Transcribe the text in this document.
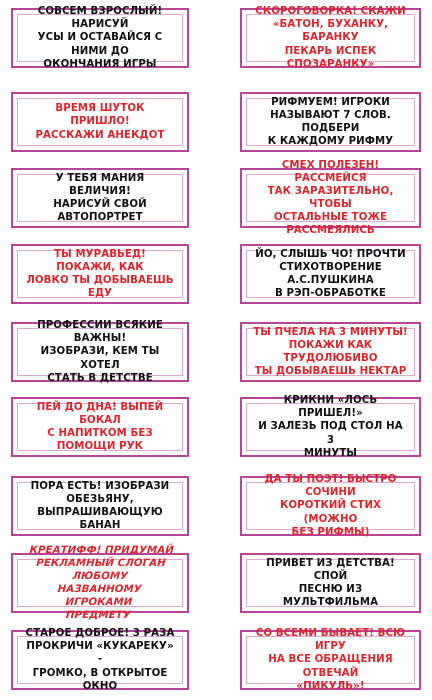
СОВСЕМ ВЗРОСЛЫЙ! НАРИСУЙ
УСЫ И ОСТАВАЙСЯ С НИМИ ДО
ОКОНЧАНИЯ ИГРЫ
СКОРОГОВОРКА! СКАЖИ
«БАТОН, БУХАНКУ, БАРАНКУ
ПЕКАРЬ ИСПЕК СПОЗАРАНКУ»
ВРЕМЯ ШУТОК ПРИШЛО!
РАССКАЖИ АНЕКДОТ
РИФМУЕМ! ИГРОКИ
НАЗЫВАЮТ 7 СЛОВ. ПОДБЕРИ
К КАЖДОМУ РИФМУ
У ТЕБЯ МАНИЯ ВЕЛИЧИЯ!
НАРИСУЙ СВОЙ АВТОПОРТРЕТ
СМЕХ ПОЛЕЗЕН! РАССМЕЙСЯ
ТАК ЗАРАЗИТЕЛЬНО, ЧТОБЫ
ОСТАЛЬНЫЕ ТОЖЕ
РАССМЕЯЛИСЬ
ТЫ МУРАВЬЕД! ПОКАЖИ, КАК
ЛОВКО ТЫ ДОБЫВАЕШЬ ЕДУ
ЙО, СЛЫШЬ ЧО! ПРОЧТИ
СТИХОТВОРЕНИЕ А.С.ПУШКИНА
В РЭП-ОБРАБОТКЕ
ПРОФЕССИИ ВСЯКИЕ ВАЖНЫ!
ИЗОБРАЗИ, КЕМ ТЫ ХОТЕЛ
СТАТЬ В ДЕТСТВЕ
ТЫ ПЧЕЛА НА 3 МИНУТЫ!
ПОКАЖИ КАК ТРУДОЛЮБИВО
ТЫ ДОБЫВАЕШЬ НЕКТАР
ПЕЙ ДО ДНА! ВЫПЕЙ БОКАЛ
С НАПИТКОМ БЕЗ
ПОМОЩИ РУК
КРИКНИ «ЛОСЬ ПРИШЕЛ!»
И ЗАЛЕЗЬ ПОД СТОЛ НА 3
МИНУТЫ
ПОРА ЕСТЬ! ИЗОБРАЗИ
ОБЕЗЬЯНУ, ВЫПРАШИВАЮЩУЮ
БАНАН
ДА ТЫ ПОЭТ! БЫСТРО СОЧИНИ
КОРОТКИЙ СТИХ (МОЖНО
БЕЗ РИФМЫ)
КРЕАТИФФ! ПРИДУМАЙ
РЕКЛАМНЫЙ СЛОГАН ЛЮБОМУ
НАЗВАННОМУ ИГРОКАМИ
ПРЕДМЕТУ
ПРИВЕТ ИЗ ДЕТСТВА! СПОЙ
ПЕСНЮ ИЗ МУЛЬТФИЛЬМА
СТАРОЕ ДОБРОЕ! 3 РАЗА
ПРОКРИЧИ «КУКАРЕКУ» -
ГРОМКО, В ОТКРЫТОЕ ОКНО
СО ВСЕМИ БЫВАЕТ! ВСЮ ИГРУ
НА ВСЕ ОБРАЩЕНИЯ ОТВЕЧАЙ
«ПИКУЛЬ»!
